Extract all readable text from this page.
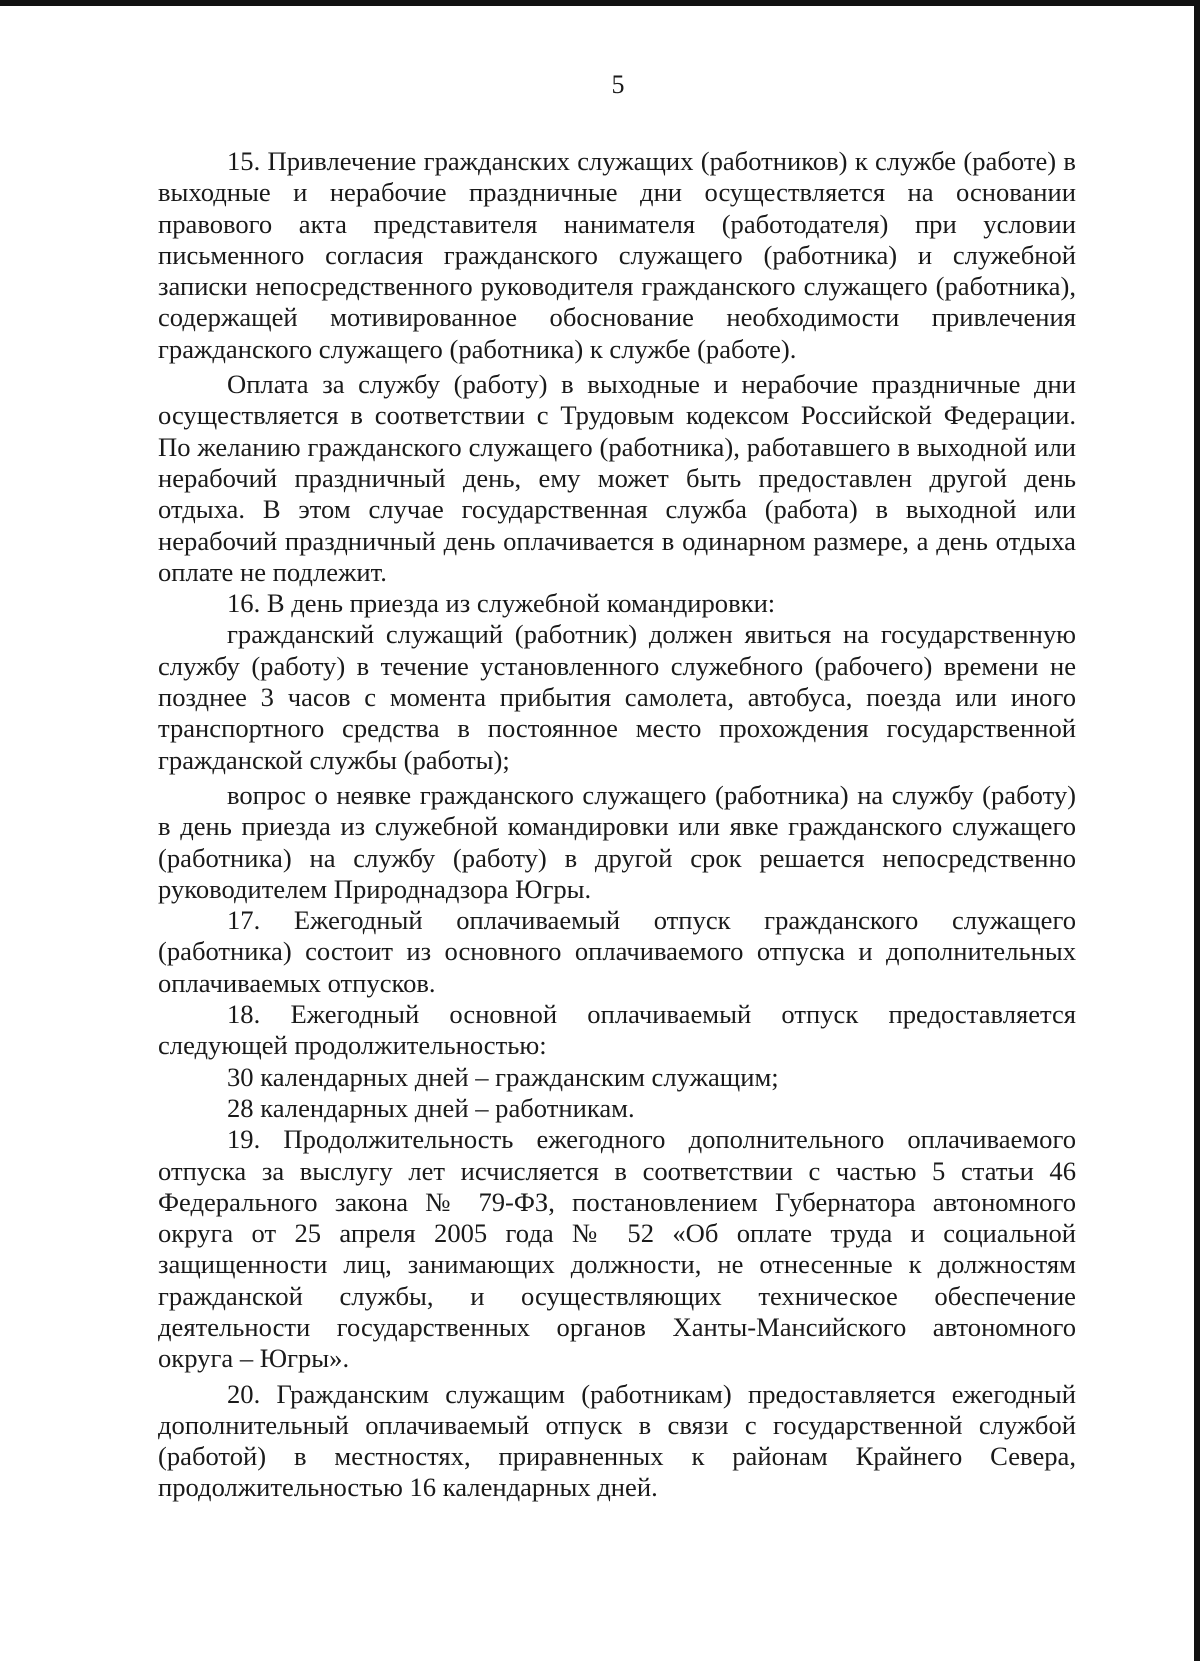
5

15. Привлечение гражданских служащих (работников) к службе (работе) в выходные и нерабочие праздничные дни осуществляется на основании правового акта представителя нанимателя (работодателя) при условии письменного согласия гражданского служащего (работника) и служебной записки непосредственного руководителя гражданского служащего (работника), содержащей мотивированное обоснование необходимости привлечения гражданского служащего (работника) к службе (работе).

Оплата за службу (работу) в выходные и нерабочие праздничные дни осуществляется в соответствии с Трудовым кодексом Российской Федерации. По желанию гражданского служащего (работника), работавшего в выходной или нерабочий праздничный день, ему может быть предоставлен другой день отдыха. В этом случае государственная служба (работа) в выходной или нерабочий праздничный день оплачивается в одинарном размере, а день отдыха оплате не подлежит.

16. В день приезда из служебной командировки:

гражданский служащий (работник) должен явиться на государственную службу (работу) в течение установленного служебного (рабочего) времени не позднее 3 часов с момента прибытия самолета, автобуса, поезда или иного транспортного средства в постоянное место прохождения государственной гражданской службы (работы);

вопрос о неявке гражданского служащего (работника) на службу (работу) в день приезда из служебной командировки или явке гражданского служащего (работника) на службу (работу) в другой срок решается непосредственно руководителем Природнадзора Югры.

17. Ежегодный оплачиваемый отпуск гражданского служащего (работника) состоит из основного оплачиваемого отпуска и дополнительных оплачиваемых отпусков.

18. Ежегодный основной оплачиваемый отпуск предоставляется следующей продолжительностью:

30 календарных дней – гражданским служащим;

28 календарных дней – работникам.

19. Продолжительность ежегодного дополнительного оплачиваемого отпуска за выслугу лет исчисляется в соответствии с частью 5 статьи 46 Федерального закона № 79-ФЗ, постановлением Губернатора автономного округа от 25 апреля 2005 года № 52 «Об оплате труда и социальной защищенности лиц, занимающих должности, не отнесенные к должностям гражданской службы, и осуществляющих техническое обеспечение деятельности государственных органов Ханты-Мансийского автономного округа – Югры».

20. Гражданским служащим (работникам) предоставляется ежегодный дополнительный оплачиваемый отпуск в связи с государственной службой (работой) в местностях, приравненных к районам Крайнего Севера, продолжительностью 16 календарных дней.
